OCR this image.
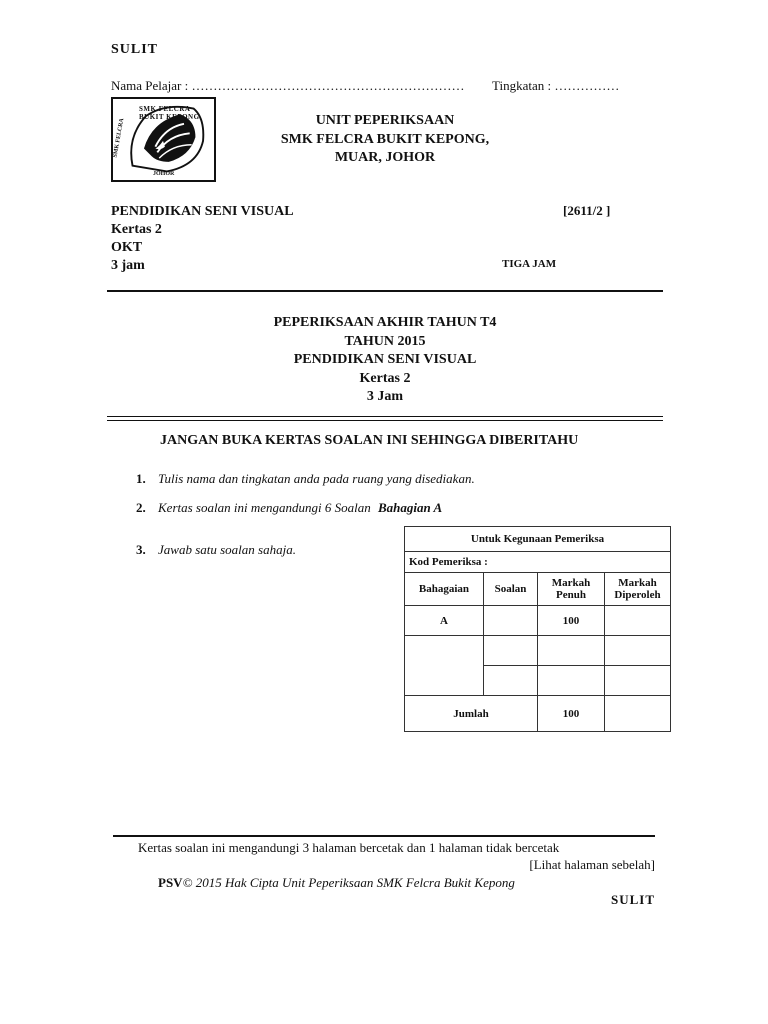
SULIT
Nama Pelajar : ……………………………………………………… Tingkatan : ……………
SMK FELCRA BUKIT KEPONG
SMK FELCRA
JOHOR
UNIT PEPERIKSAAN
SMK FELCRA BUKIT KEPONG,
MUAR, JOHOR
PENDIDIKAN SENI VISUAL
Kertas 2
OKT
3 jam
[2611/2 ]
TIGA JAM
PEPERIKSAAN AKHIR TAHUN T4
TAHUN 2015
PENDIDIKAN SENI VISUAL
Kertas 2
3 Jam
JANGAN BUKA KERTAS SOALAN INI SEHINGGA DIBERITAHU
1. Tulis nama dan tingkatan anda pada ruang yang disediakan.
2. Kertas soalan ini mengandungi 6 Soalan Bahagian A
3. Jawab satu soalan sahaja.
Untuk Kegunaan Pemeriksa			
Kod Pemeriksa :			
Bahagaian	Soalan	Markah Penuh	Markah Diperoleh
A		100	

Jumlah		100	
Kertas soalan ini mengandungi 3 halaman bercetak dan 1 halaman tidak bercetak
[Lihat halaman sebelah]
PSV© 2015 Hak Cipta Unit Peperiksaan SMK Felcra Bukit Kepong
SULIT
